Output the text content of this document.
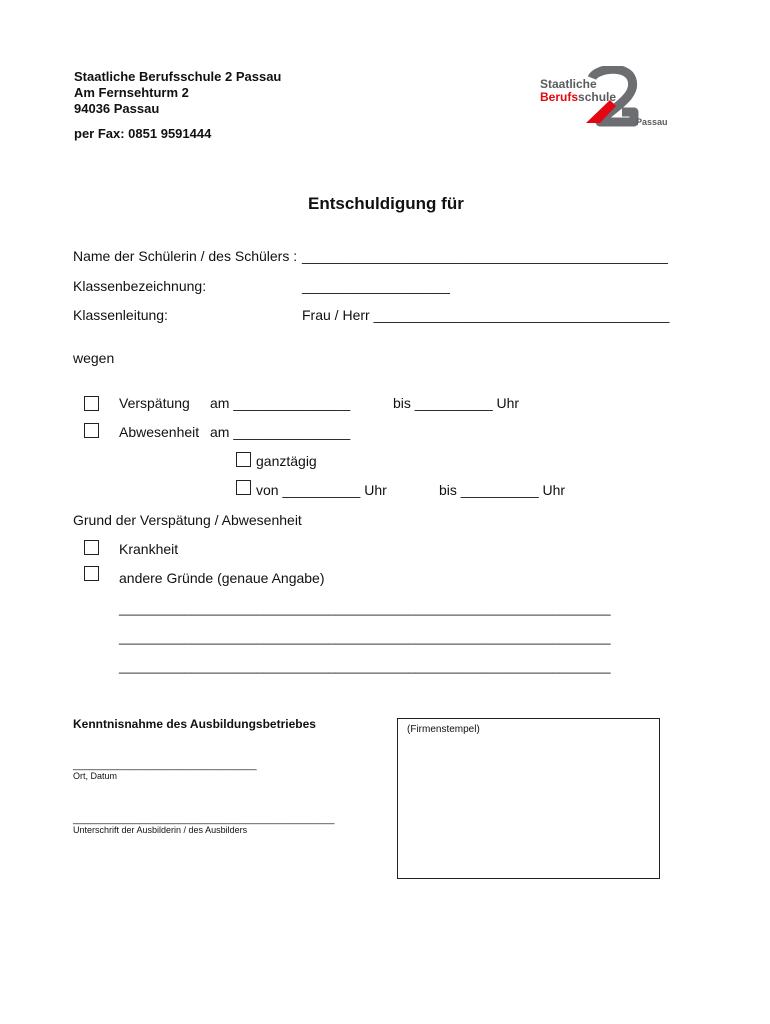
Staatliche Berufsschule 2 Passau
Am Fernsehturm 2
94036 Passau
per Fax: 0851 9591444
Staatliche
Berufsschule
Passau
Entschuldigung für
Name der Schülerin / des Schülers : _______________________________________________
Klassenbezeichnung:	___________________
Klassenleitung:	Frau / Herr ______________________________________
wegen
Verspätung am _______________	bis __________ Uhr
Abwesenheit am _______________
ganztägig
von __________ Uhr	bis __________ Uhr
Grund der Verspätung / Abwesenheit
Krankheit
andere Gründe (genaue Angabe)
____________________________________________________________________
____________________________________________________________________
____________________________________________________________________
Kenntnisnahme des Ausbildungsbetriebes
_________________________________
Ort, Datum
_______________________________________________
Unterschrift der Ausbilderin / des Ausbilders
(Firmenstempel)
